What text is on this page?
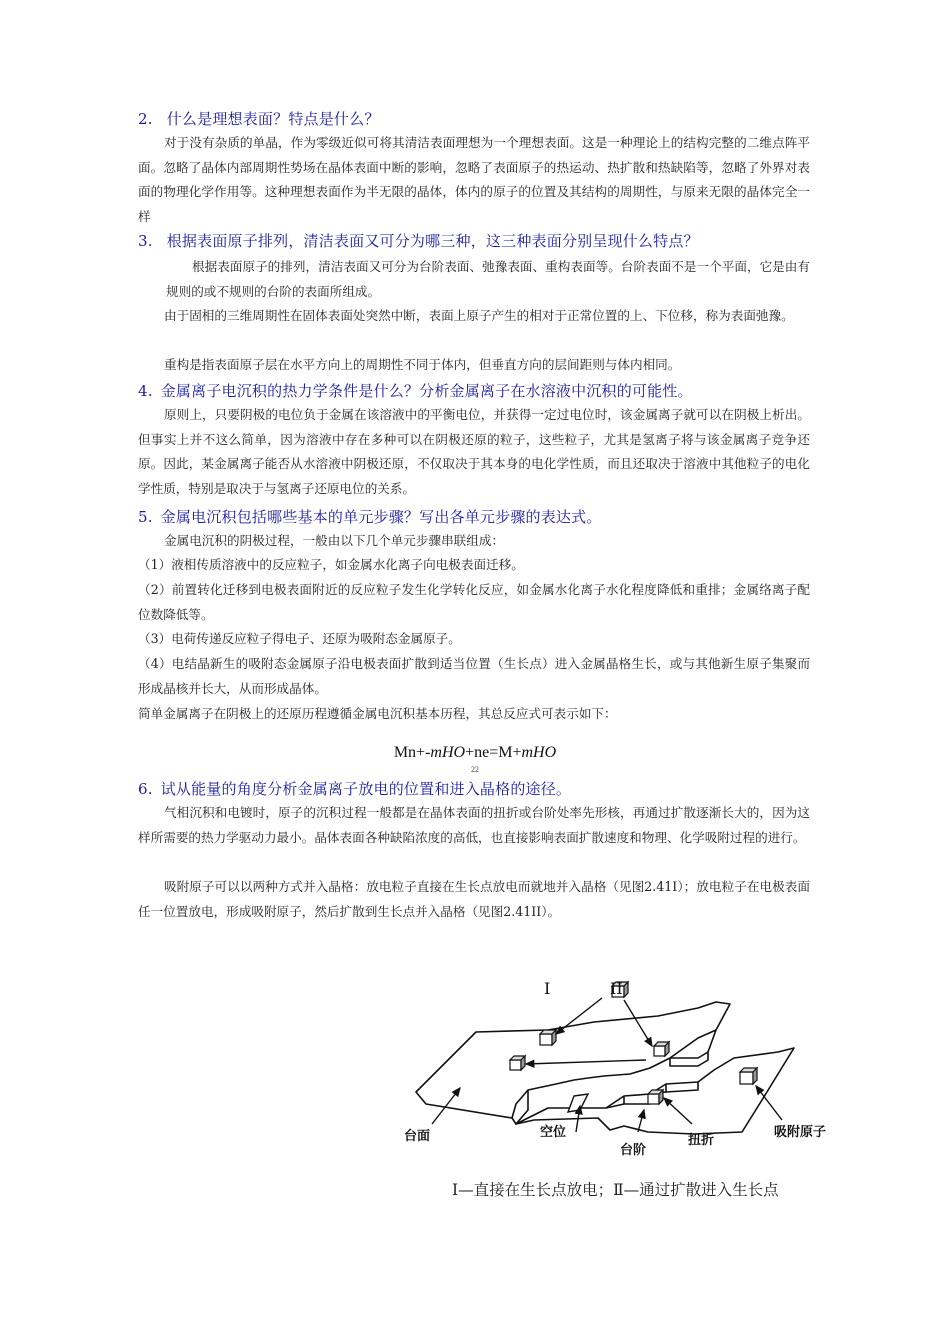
2. 什么是理想表面？特点是什么？
对于没有杂质的单晶，作为零级近似可将其清洁表面理想为一个理想表面。这是一种理论上的结构完整的二维点阵平面。忽略了晶体内部周期性势场在晶体表面中断的影响，忽略了表面原子的热运动、热扩散和热缺陷等，忽略了外界对表面的物理化学作用等。这种理想表面作为半无限的晶体，体内的原子的位置及其结构的周期性，与原来无限的晶体完全一样
3. 根据表面原子排列，清洁表面又可分为哪三种，这三种表面分别呈现什么特点？
根据表面原子的排列，清洁表面又可分为台阶表面、弛豫表面、重构表面等。台阶表面不是一个平面，它是由有规则的或不规则的台阶的表面所组成。
由于固相的三维周期性在固体表面处突然中断，表面上原子产生的相对于正常位置的上、下位移，称为表面弛豫。
重构是指表面原子层在水平方向上的周期性不同于体内，但垂直方向的层间距则与体内相同。
4. 金属离子电沉积的热力学条件是什么？分析金属离子在水溶液中沉积的可能性。
原则上，只要阴极的电位负于金属在该溶液中的平衡电位，并获得一定过电位时，该金属离子就可以在阴极上析出。但事实上并不这么简单，因为溶液中存在多种可以在阴极还原的粒子，这些粒子，尤其是氢离子将与该金属离子竞争还原。因此，某金属离子能否从水溶液中阴极还原，不仅取决于其本身的电化学性质，而且还取决于溶液中其他粒子的电化学性质，特别是取决于与氢离子还原电位的关系。
5. 金属电沉积包括哪些基本的单元步骤？写出各单元步骤的表达式。
金属电沉积的阴极过程，一般由以下几个单元步骤串联组成：
（1）液相传质溶液中的反应粒子，如金属水化离子向电极表面迁移。
（2）前置转化迁移到电极表面附近的反应粒子发生化学转化反应，如金属水化离子水化程度降低和重排；金属络离子配位数降低等。
（3）电荷传递反应粒子得电子、还原为吸附态金属原子。
（4）电结晶新生的吸附态金属原子沿电极表面扩散到适当位置（生长点）进入金属晶格生长，或与其他新生原子集聚而形成晶核并长大，从而形成晶体。
简单金属离子在阴极上的还原历程遵循金属电沉积基本历程，其总反应式可表示如下：
Mn+-mHO+ne=M+mHO
22
6. 试从能量的角度分析金属离子放电的位置和进入晶格的途径。
气相沉积和电镀时，原子的沉积过程一般都是在晶体表面的扭折或台阶处率先形核，再通过扩散逐渐长大的，因为这样所需要的热力学驱动力最小。晶体表面各种缺陷浓度的高低，也直接影响表面扩散速度和物理、化学吸附过程的进行。
吸附原子可以以两种方式并入晶格：放电粒子直接在生长点放电而就地并入晶格（见图2.41I）；放电粒子在电极表面任一位置放电，形成吸附原子，然后扩散到生长点并入晶格（见图2.41II）。
I	II
台面	空位
台阶
扭折
吸附原子
Ⅰ—直接在生长点放电；Ⅱ—通过扩散进入生长点
